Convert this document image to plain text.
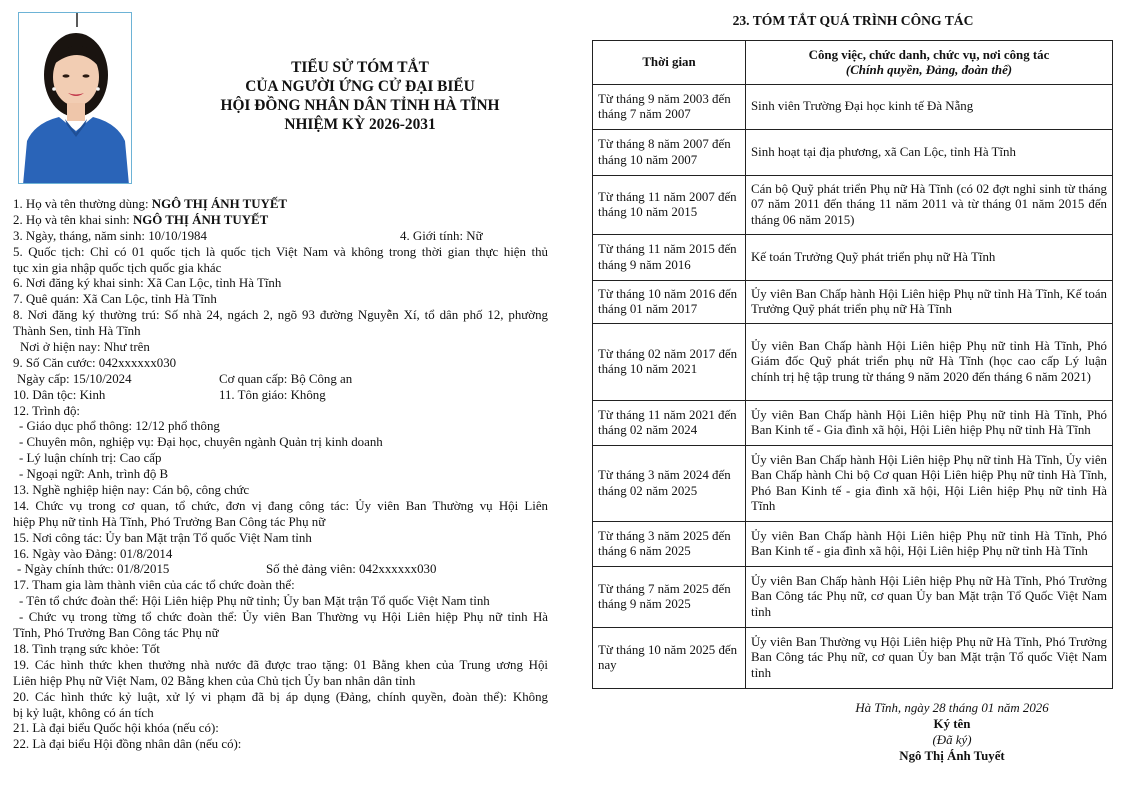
TIỂU SỬ TÓM TẮT
CỦA NGƯỜI ỨNG CỬ ĐẠI BIỂU
HỘI ĐỒNG NHÂN DÂN TỈNH HÀ TĨNH
NHIỆM KỲ 2026-2031
1. Họ và tên thường dùng: NGÔ THỊ ÁNH TUYẾT
2. Họ và tên khai sinh: NGÔ THỊ ÁNH TUYẾT
3. Ngày, tháng, năm sinh: 10/10/1984	4. Giới tính: Nữ
5. Quốc tịch: Chỉ có 01 quốc tịch là quốc tịch Việt Nam và không trong thời gian thực hiện thủ
tục xin gia nhập quốc tịch quốc gia khác
6. Nơi đăng ký khai sinh: Xã Can Lộc, tỉnh Hà Tĩnh
7. Quê quán: Xã Can Lộc, tỉnh Hà Tĩnh
8. Nơi đăng ký thường trú: Số nhà 24, ngách 2, ngõ 93 đường Nguyễn Xí, tổ dân phố 12, phường
Thành Sen, tỉnh Hà Tĩnh
Nơi ở hiện nay: Như trên
9. Số Căn cước: 042xxxxxx030
Ngày cấp: 15/10/2024	Cơ quan cấp: Bộ Công an
10. Dân tộc: Kinh	11. Tôn giáo: Không
12. Trình độ:
- Giáo dục phổ thông: 12/12 phổ thông
- Chuyên môn, nghiệp vụ: Đại học, chuyên ngành Quản trị kinh doanh
- Lý luận chính trị: Cao cấp
- Ngoại ngữ: Anh, trình độ B
13. Nghề nghiệp hiện nay: Cán bộ, công chức
14. Chức vụ trong cơ quan, tổ chức, đơn vị đang công tác: Ủy viên Ban Thường vụ Hội Liên
hiệp Phụ nữ tỉnh Hà Tĩnh, Phó Trưởng Ban Công tác Phụ nữ
15. Nơi công tác: Ủy ban Mặt trận Tổ quốc Việt Nam tỉnh
16. Ngày vào Đảng: 01/8/2014
- Ngày chính thức: 01/8/2015	Số thẻ đảng viên: 042xxxxxx030
17. Tham gia làm thành viên của các tổ chức đoàn thể:
- Tên tổ chức đoàn thể: Hội Liên hiệp Phụ nữ tỉnh; Ủy ban Mặt trận Tổ quốc Việt Nam tỉnh
- Chức vụ trong từng tổ chức đoàn thể: Ủy viên Ban Thường vụ Hội Liên hiệp Phụ nữ tỉnh Hà
Tĩnh, Phó Trưởng Ban Công tác Phụ nữ
18. Tình trạng sức khỏe: Tốt
19. Các hình thức khen thưởng nhà nước đã được trao tặng: 01 Bằng khen của Trung ương Hội
Liên hiệp Phụ nữ Việt Nam, 02 Bằng khen của Chủ tịch Ủy ban nhân dân tỉnh
20. Các hình thức kỷ luật, xử lý vi phạm đã bị áp dụng (Đảng, chính quyền, đoàn thể): Không
bị kỷ luật, không có án tích
21. Là đại biểu Quốc hội khóa (nếu có):
22. Là đại biểu Hội đồng nhân dân (nếu có):
23. TÓM TẮT QUÁ TRÌNH CÔNG TÁC
Thời gian	Công việc, chức danh, chức vụ, nơi công tác
(Chính quyền, Đảng, đoàn thể)

Từ tháng 9 năm 2003 đến tháng 7 năm 2007	Sinh viên Trường Đại học kinh tế Đà Nẵng
Từ tháng 8 năm 2007 đến tháng 10 năm 2007	Sinh hoạt tại địa phương, xã Can Lộc, tỉnh Hà Tĩnh
Từ tháng 11 năm 2007 đến tháng 10 năm 2015	Cán bộ Quỹ phát triển Phụ nữ Hà Tĩnh (có 02 đợt nghỉ sinh từ tháng 07 năm 2011 đến tháng 11 năm 2011 và từ tháng 01 năm 2015 đến tháng 06 năm 2015)
Từ tháng 11 năm 2015 đến tháng 9 năm 2016	Kế toán Trưởng Quỹ phát triển phụ nữ Hà Tĩnh
Từ tháng 10 năm 2016 đến tháng 01 năm 2017	Ủy viên Ban Chấp hành Hội Liên hiệp Phụ nữ tỉnh Hà Tĩnh, Kế toán Trưởng Quỹ phát triển phụ nữ Hà Tĩnh
Từ tháng 02 năm 2017 đến tháng 10 năm 2021	Ủy viên Ban Chấp hành Hội Liên hiệp Phụ nữ tỉnh Hà Tĩnh, Phó Giám đốc Quỹ phát triển phụ nữ Hà Tĩnh (học cao cấp Lý luận chính trị hệ tập trung từ tháng 9 năm 2020 đến tháng 6 năm 2021)
Từ tháng 11 năm 2021 đến tháng 02 năm 2024	Ủy viên Ban Chấp hành Hội Liên hiệp Phụ nữ tỉnh Hà Tĩnh, Phó Ban Kinh tế - Gia đình xã hội, Hội Liên hiệp Phụ nữ tỉnh Hà Tĩnh
Từ tháng 3 năm 2024 đến tháng 02 năm 2025	Ủy viên Ban Chấp hành Hội Liên hiệp Phụ nữ tỉnh Hà Tĩnh, Ủy viên Ban Chấp hành Chi bộ Cơ quan Hội Liên hiệp Phụ nữ tỉnh Hà Tĩnh, Phó Ban Kinh tế - gia đình xã hội, Hội Liên hiệp Phụ nữ tỉnh Hà Tĩnh
Từ tháng 3 năm 2025 đến tháng 6 năm 2025	Ủy viên Ban Chấp hành Hội Liên hiệp Phụ nữ tỉnh Hà Tĩnh, Phó Ban Kinh tế - gia đình xã hội, Hội Liên hiệp Phụ nữ tỉnh Hà Tĩnh
Từ tháng 7 năm 2025 đến tháng 9 năm 2025	Ủy viên Ban Chấp hành Hội Liên hiệp Phụ nữ Hà Tĩnh, Phó Trưởng Ban Công tác Phụ nữ, cơ quan Ủy ban Mặt trận Tổ Quốc Việt Nam tỉnh
Từ tháng 10 năm 2025 đến nay	Ủy viên Ban Thường vụ Hội Liên hiệp Phụ nữ Hà Tĩnh, Phó Trưởng Ban Công tác Phụ nữ, cơ quan Ủy ban Mặt trận Tổ quốc Việt Nam tỉnh
Hà Tĩnh, ngày 28 tháng 01 năm 2026
Ký tên
(Đã ký)
Ngô Thị Ánh Tuyết
